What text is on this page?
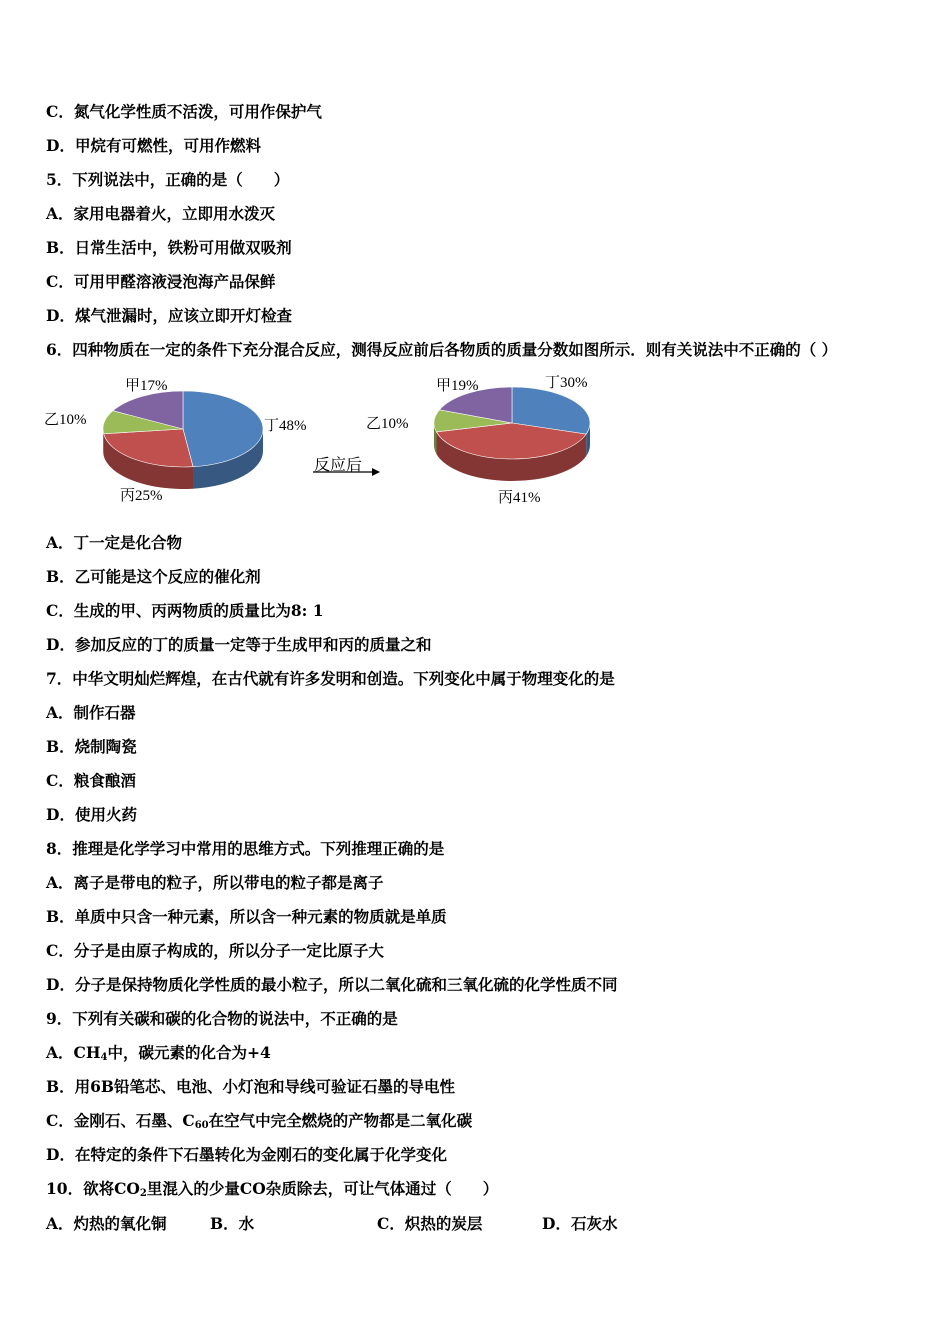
C．氮气化学性质不活泼，可用作保护气
D．甲烷有可燃性，可用作燃料
5．下列说法中，正确的是（　　）
A．家用电器着火，立即用水泼灭
B．日常生活中，铁粉可用做双吸剂
C．可用甲醛溶液浸泡海产品保鲜
D．煤气泄漏时，应该立即开灯检查
6．四种物质在一定的条件下充分混合反应，测得反应前后各物质的质量分数如图所示．则有关说法中不正确的（ ）
甲17%
乙10%
丙25%
丁48%
反应后
甲19%
乙10%
丙41%
丁30%
A．丁一定是化合物
B．乙可能是这个反应的催化剂
C．生成的甲、丙两物质的质量比为8: 1
D．参加反应的丁的质量一定等于生成甲和丙的质量之和
7．中华文明灿烂辉煌，在古代就有许多发明和创造。下列变化中属于物理变化的是
A．制作石器
B．烧制陶瓷
C．粮食酿酒
D．使用火药
8．推理是化学学习中常用的思维方式。下列推理正确的是
A．离子是带电的粒子，所以带电的粒子都是离子
B．单质中只含一种元素，所以含一种元素的物质就是单质
C．分子是由原子构成的，所以分子一定比原子大
D．分子是保持物质化学性质的最小粒子，所以二氧化硫和三氧化硫的化学性质不同
9．下列有关碳和碳的化合物的说法中，不正确的是
A．$CH_4$中，碳元素的化合为+4
B．用6B铅笔芯、电池、小灯泡和导线可验证石墨的导电性
C．金刚石、石墨、$C_{60}$在空气中完全燃烧的产物都是二氧化碳
D．在特定的条件下石墨转化为金刚石的变化属于化学变化
10．欲将$CO_2$里混入的少量CO杂质除去，可让气体通过（　　）
A．灼热的氧化铜	B．水	C．炽热的炭层	D．石灰水
